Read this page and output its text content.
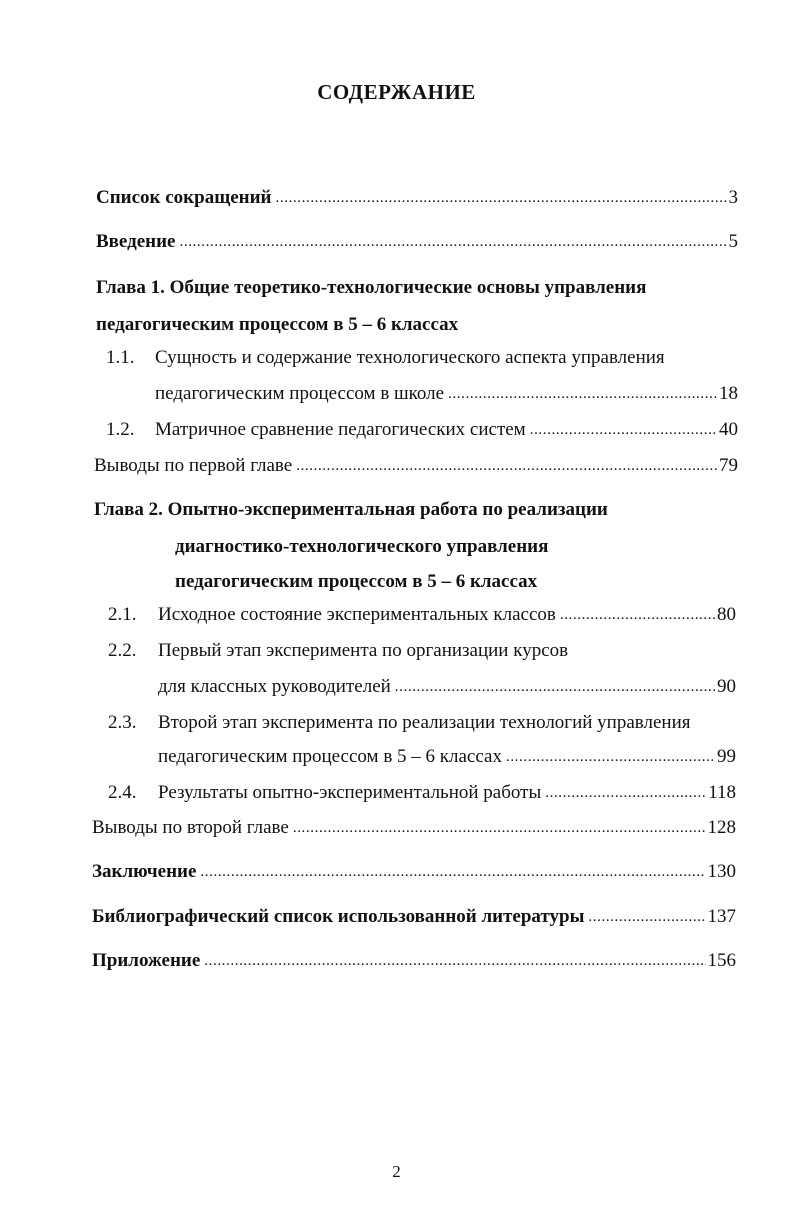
СОДЕРЖАНИЕ
Список сокращений .....	3
Введение .....	5
Глава 1. Общие теоретико-технологические основы управления
педагогическим процессом в 5 – 6 классах
1.1. Сущность и содержание технологического аспекта управления
педагогическим процессом в школе .....	18
1.2. Матричное сравнение педагогических систем .....	40
Выводы по первой главе .....	79
Глава 2. Опытно-экспериментальная работа по реализации
диагностико-технологического управления
педагогическим процессом в 5 – 6 классах
2.1. Исходное состояние экспериментальных классов .....	80
2.2. Первый этап эксперимента по организации курсов
для классных руководителей .....	90
2.3. Второй этап эксперимента по реализации технологий управления
педагогическим процессом в 5 – 6 классах .....	99
2.4. Результаты опытно-экспериментальной работы .....	118
Выводы по второй главе .....	128
Заключение .....	130
Библиографический список использованной литературы .....	137
Приложение .....	156
2
